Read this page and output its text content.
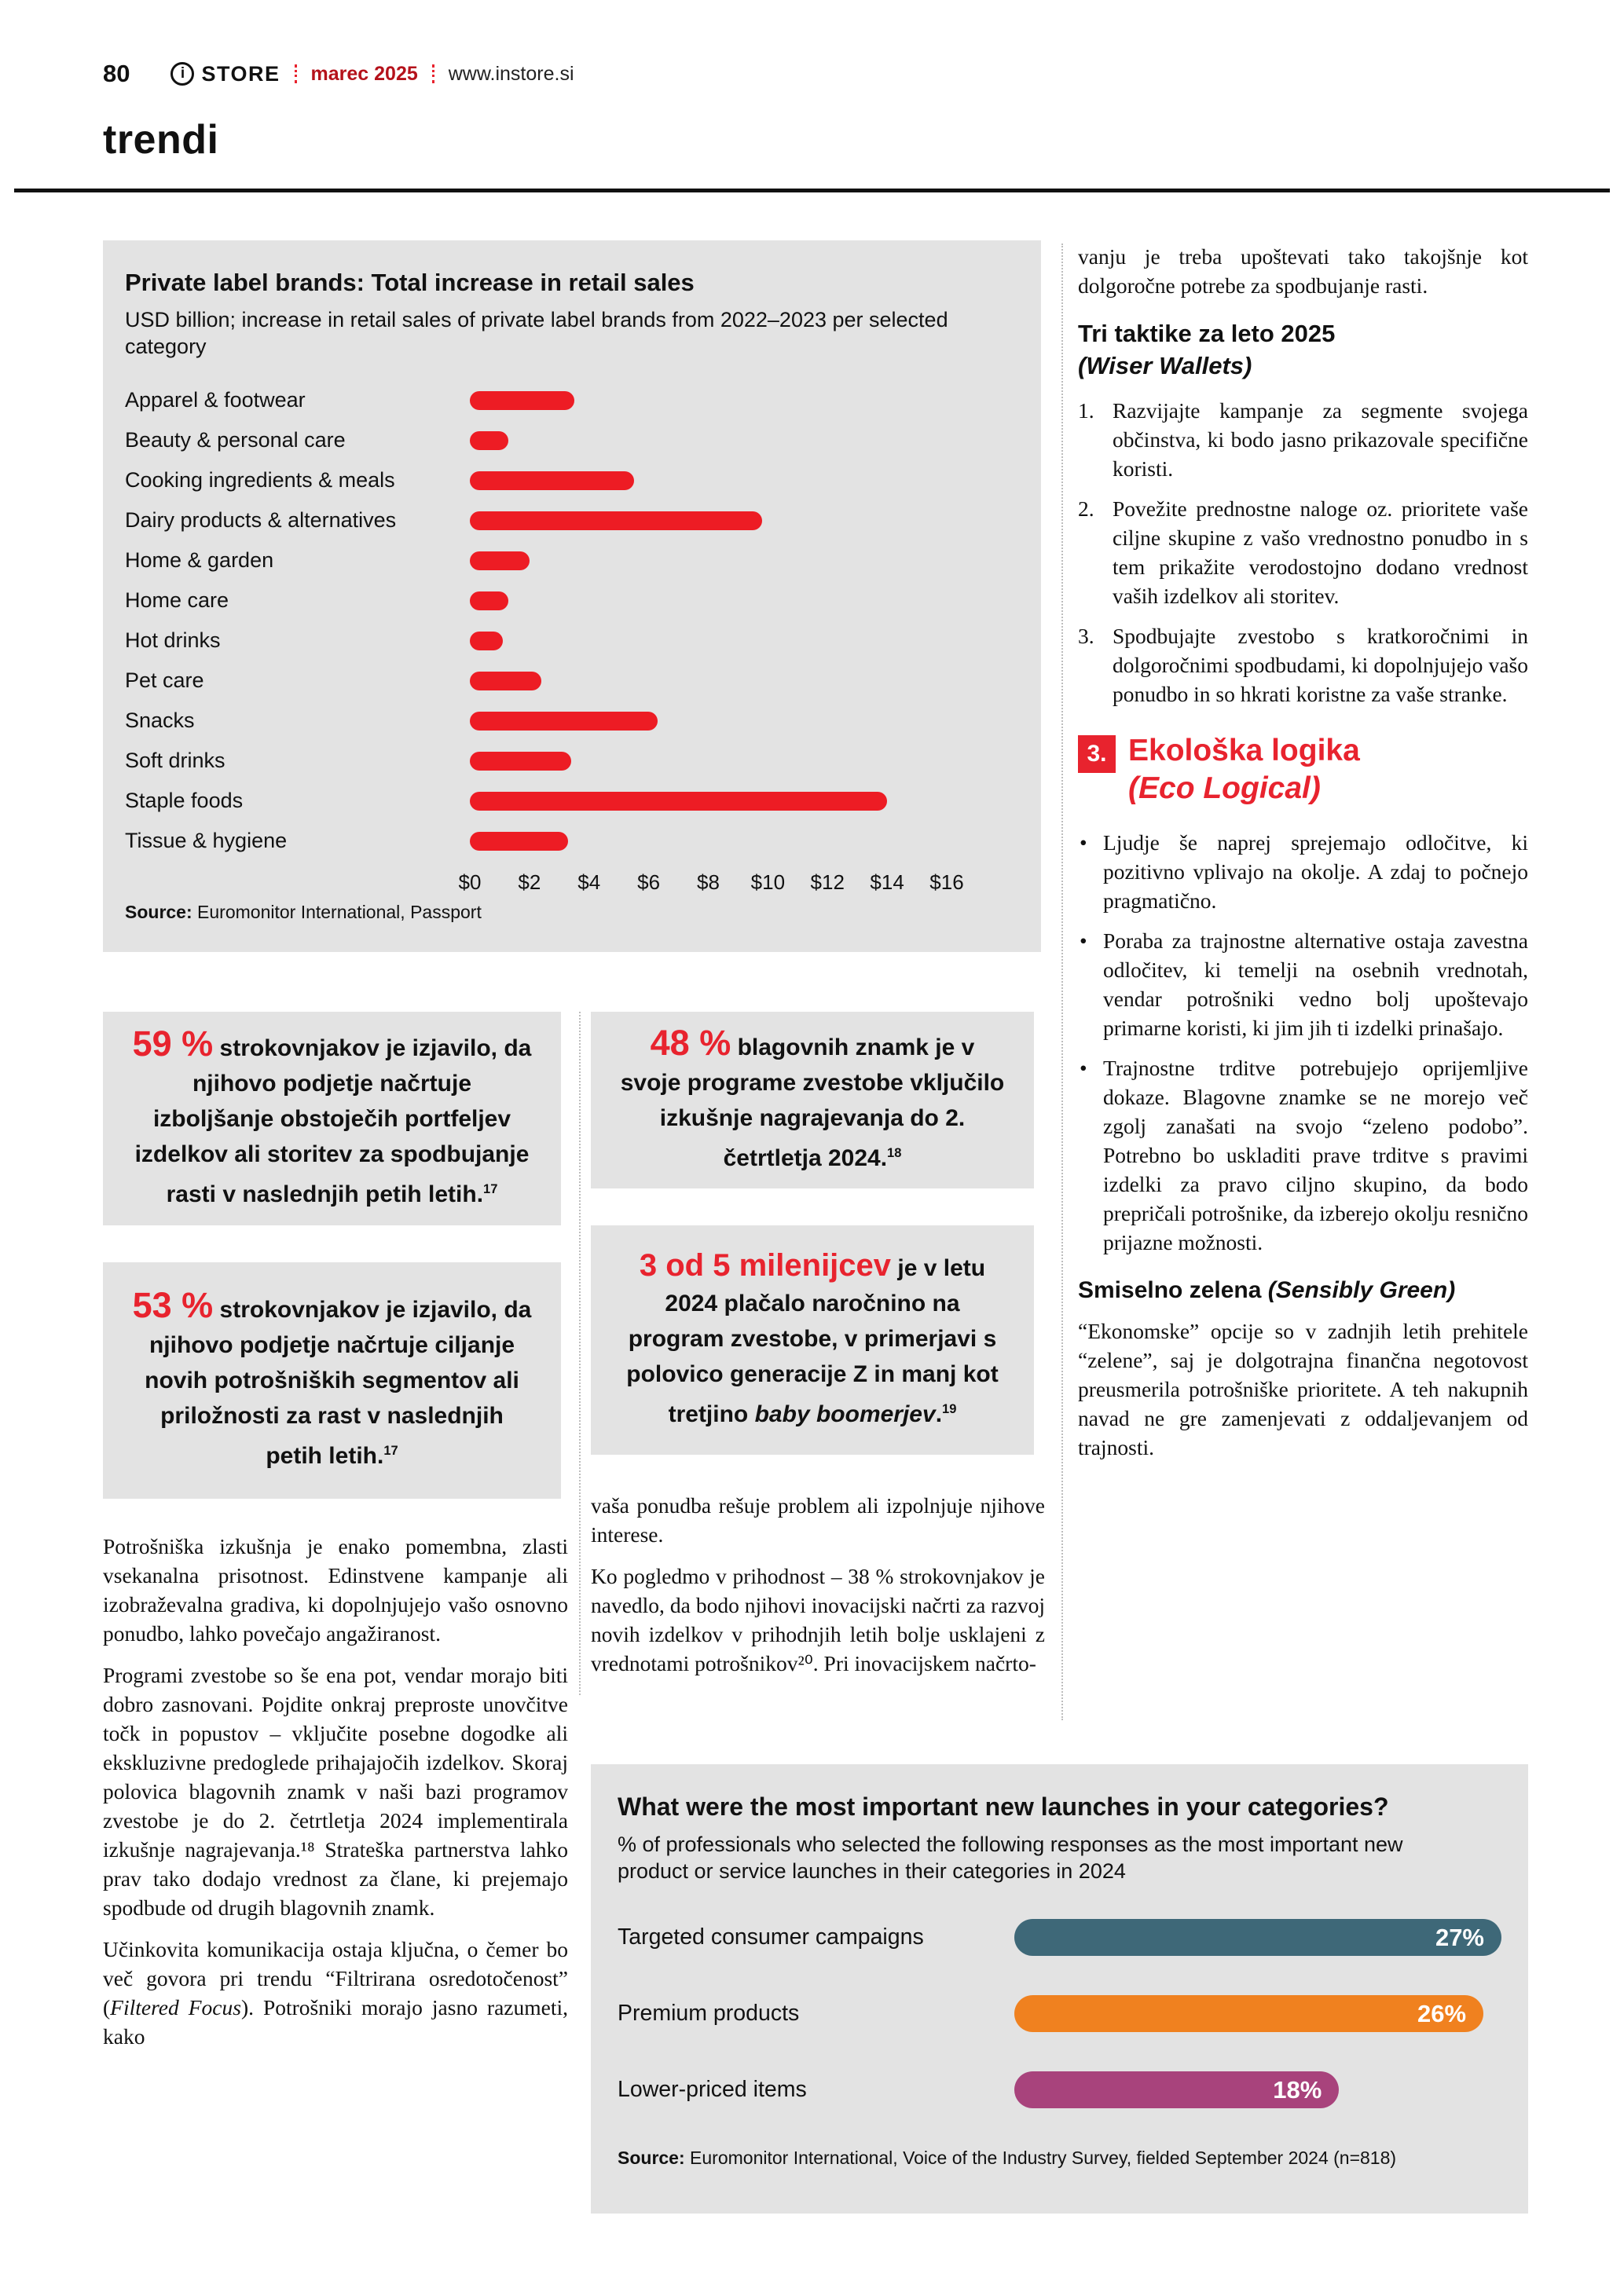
80	i STORE marec 2025 www.instore.si
trendi
Private label brands: Total increase in retail sales

USD billion; increase in retail sales of private label brands from 2022–2023 per selected category

Apparel & footwear
Beauty & personal care
Cooking ingredients & meals
Dairy products & alternatives
Home & garden
Home care
Hot drinks
Pet care
Snacks
Soft drinks
Staple foods
Tissue & hygiene
$0 $2 $4 $6 $8 $10 $12 $14 $16

Source: Euromonitor International, Passport

59 % strokovnjakov je izjavilo, da njihovo podjetje načrtuje izboljšanje obstoječih portfeljev izdelkov ali storitev za spodbujanje rasti v naslednjih petih letih.$^{17}$
53 % strokovnjakov je izjavilo, da njihovo podjetje načrtuje ciljanje novih potrošniških segmentov ali priložnosti za rast v naslednjih petih letih.$^{17}$
48 % blagovnih znamk je v svoje programe zvestobe vključilo izkušnje nagrajevanja do 2. četrtletja 2024.18
3 od 5 milenijcev je v letu 2024 plačalo naročnino na program zvestobe, v primerjavi s polovico generacije Z in manj kot tretjino baby boomerjev.$^{19}$

Potrošniška izkušnja je enako pomembna, zlasti vsekanalna prisotnost. Edinstvene kampanje ali izobraževalna gradiva, ki dopolnjujejo vašo osnovno ponudbo, lahko povečajo angažiranost.

Programi zvestobe so še ena pot, vendar morajo biti dobro zasnovani. Pojdite onkraj preproste unovčitve točk in popustov – vključite posebne dogodke ali ekskluzivne predoglede prihajajočih izdelkov. Skoraj polovica blagovnih znamk v naši bazi programov zvestobe je do 2. četrtletja 2024 implementirala izkušnje nagrajevanja.¹⁸ Strateška partnerstva lahko prav tako dodajo vrednost za člane, ki prejemajo spodbude od drugih blagovnih znamk.

Učinkovita komunikacija ostaja ključna, o čemer bo več govora pri trendu “Filtrirana osredotočenost” (Filtered Focus). Potrošniki morajo jasno razumeti, kako

vaša ponudba rešuje problem ali izpolnjuje njihove interese.

Ko pogledmo v prihodnost – 38 % strokovnjakov je navedlo, da bodo njihovi inovacijski načrti za razvoj novih izdelkov v prihodnjih letih bolje usklajeni z vrednotami potrošnikov²⁰. Pri inovacijskem načrto-

vanju je treba upoštevati tako takojšnje kot dolgoročne potrebe za spodbujanje rasti.

Tri taktike za leto 2025
(Wiser Wallets)
1. Razvijajte kampanje za segmente svojega občinstva, ki bodo jasno prikazovale specifične koristi.
2. Povežite prednostne naloge oz. prioritete vaše ciljne skupine z vašo vrednostno ponudbo in s tem prikažite verodostojno dodano vrednost vaših izdelkov ali storitev.
3. Spodbujajte zvestobo s kratkoročnimi in dolgoročnimi spodbudami, ki dopolnjujejo vašo ponudbo in so hkrati koristne za vaše stranke.
3. Ekološka logika
(Eco Logical)
• Ljudje še naprej sprejemajo odločitve, ki pozitivno vplivajo na okolje. A zdaj to počnejo pragmatično.
• Poraba za trajnostne alternative ostaja zavestna odločitev, ki temelji na osebnih vrednotah, vendar potrošniki vedno bolj upoštevajo primarne koristi, ki jim jih ti izdelki prinašajo.
• Trajnostne trditve potrebujejo oprijemljive dokaze. Blagovne znamke se ne morejo več zgolj zanašati na svojo “zeleno podobo”. Potrebno bo uskladiti prave trditve s pravimi izdelki za pravo ciljno skupino, da bodo prepričali potrošnike, da izberejo okolju resnično prijazne možnosti.
Smiselno zelena (Sensibly Green)

“Ekonomske” opcije so v zadnjih letih prehitele “zelene”, saj je dolgotrajna finančna negotovost preusmerila potrošniške prioritete. A teh nakupnih navad ne gre zamenjevati z oddaljevanjem od trajnosti.

What were the most important new launches in your categories?

% of professionals who selected the following responses as the most important new product or service launches in their categories in 2024

Targeted consumer campaigns	27%
Premium products	26%
Lower-priced items	18%

Source: Euromonitor International, Voice of the Industry Survey, fielded September 2024 (n=818)
